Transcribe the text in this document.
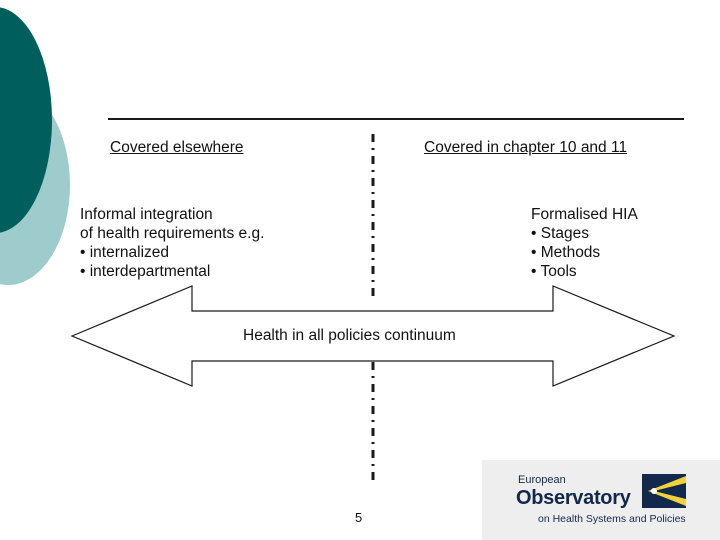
Covered elsewhere	Covered in chapter 10 and 11
Informal integration
of health requirements e.g.
• internalized
• interdepartmental
Formalised HIA
• Stages
• Methods
• Tools
Health in all policies continuum
5
European
Observatory
on Health Systems and Policies
